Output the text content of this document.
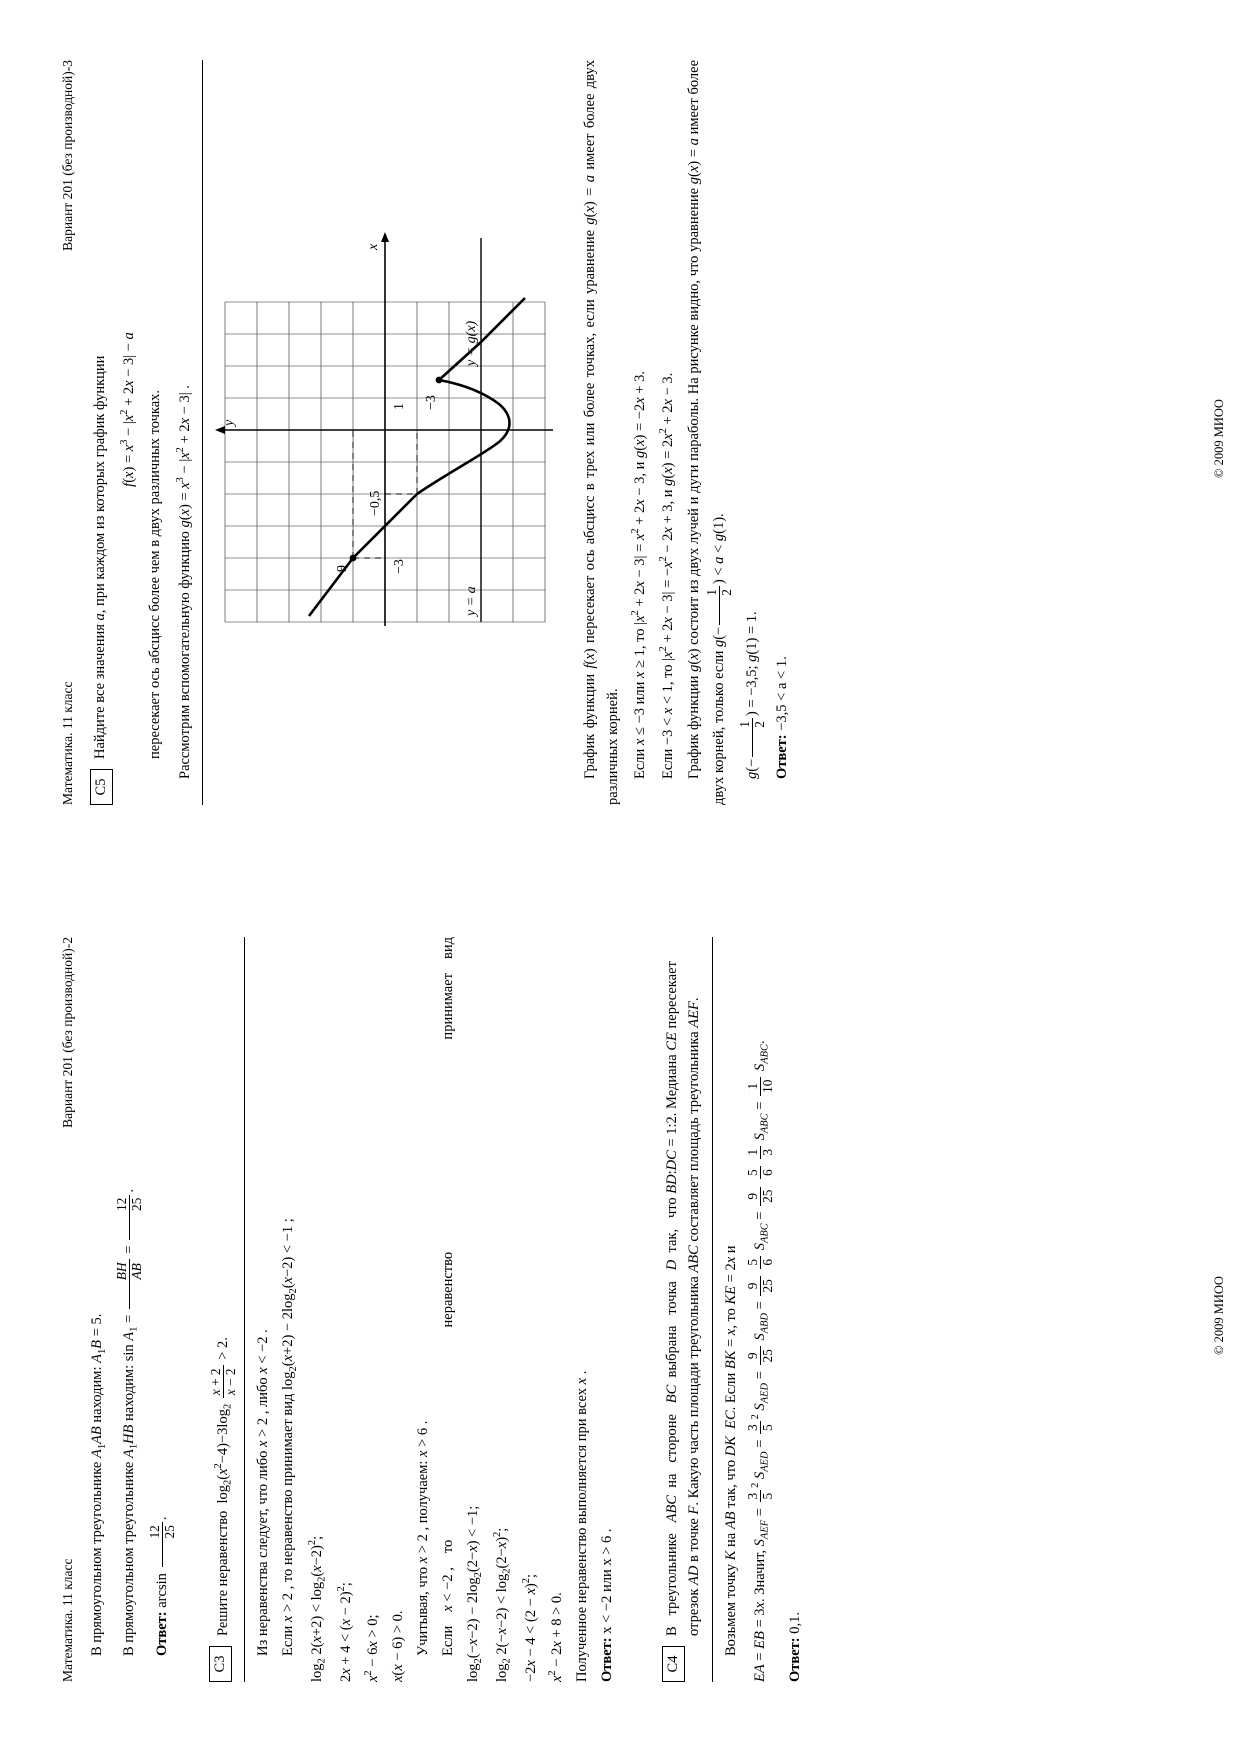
Математика. 11 класс
Вариант 201 (без производной)-2

В прямоугольном треугольнике $A_1AB$ находим: $A_1B = 5$.

В прямоугольном треугольнике $A_1HB$ находим: $\sin A_1$ =
BH AB
=
12 25
.

Ответ: arcsin
12 25
.

C3
Решите неравенство  $\log_2(x^2-4)-3\log_2$
x + 2
x − 2
> 2.

Из неравенства следует, что либо x > 2 , либо x < −2 .

Если x > 2 , то неравенство принимает вид $\log_2(x+2) - 2\log_2(x-2) < -1$ ;

$\log_2 2(x+2) < \log_2(x-2)^2$;

$2x + 4 < (x - 2)^2$;

$x^2 - 6x > 0$;

x(x − 6) > 0. Учитывая, что x > 2 , получаем: x > 6 .

Если
x < −2 ,
то
неравенство
принимает
вид

$\log_2(-x-2) - 2\log_2(2-x) < -1$;

$\log_2 2(-x-2) < \log_2(2-x)^2$;

$-2x - 4 < (2 - x)^2$;

$x^2 - 2x + 8 > 0$. Полученное неравенство выполняется при всех x .

Ответ: x < −2 или x > 6 .

C4
В   треугольнике   ABC  на   стороне   BC  выбрана   точка   D  так,   что BD:DC = 1:2. Медиана CE пересекает отрезок AD в точке F. Какую часть площади треугольника ABC составляет площадь треугольника AEF.

Возьмем точку K на AB так, что DK  EC. Если BK = x, то KE = 2x и

EA = EB = 3x. Значит, $S_{AEF}$ =
3 5
$^2$ $S_{AED}$ =
3 5
$^2$ $S_{AED}$ =
9 25
$S_{ABD}$ =
9 25

5 6
$S_{ABC}$ =
9 25

5 6

1 3
$S_{ABC}$ =
1 10
$S_{ABC}$.

Ответ: 0,1.

© 2009 МИОО
Математика. 11 класс
Вариант 201 (без производной)-3
C5
Найдите все значения a, при каждом из которых график функции $f(x) = x^3 - |x^2 + 2x - 3| - a$
пересекает ось абсцисс более чем в двух различных точках. Рассмотрим вспомогательную функцию $g(x) = x^3 - |x^2 + 2x - 3|$ .

y
x
9	−3
−0,5
1 −3
y = a
y = g(x)

График функции f(x) пересекает ось абсцисс в трех или более точках, если уравнение g(x) = a имеет более двух различных корней. Если x ≤ −3 или x ≥ 1, то $|x^2 + 2x - 3| = x^2 + 2x - 3$, и g(x) = −2x + 3.

Если −3 < x < 1, то $|x^2 + 2x - 3| = -x^2 - 2x + 3$, и $g(x) = 2x^2 + 2x - 3$.

График функции g(x) состоит из двух лучей и дуги параболы. На рисунке видно, что уравнение g(x) = a имеет более двух корней, только если g(−
1 2
) < a < g(1).

g(−
1 2
) = −3,5; g(1) = 1.

Ответ: −3,5 < a < 1.

© 2009 МИОО
